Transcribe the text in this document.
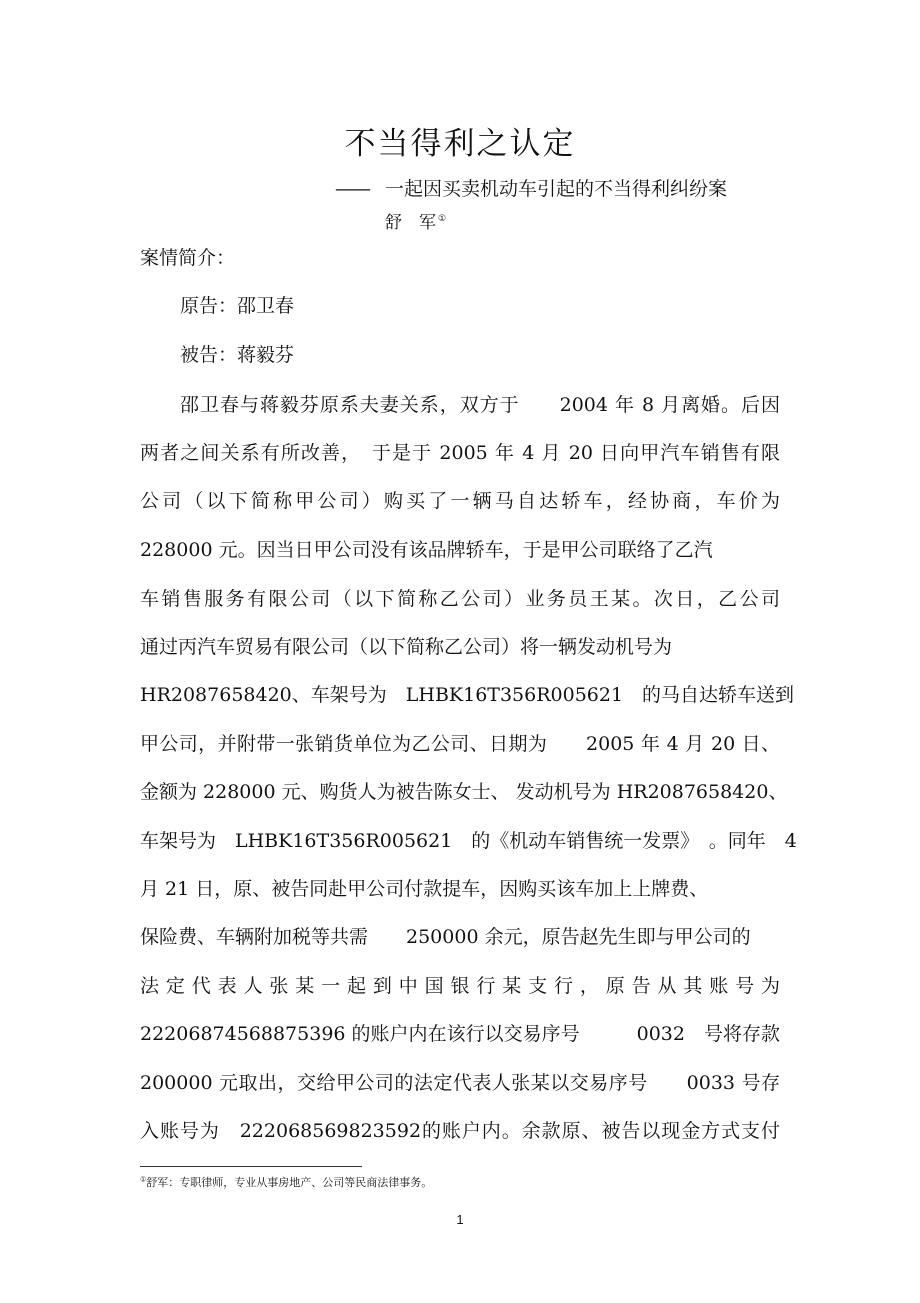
不当得利之认定
—— 一起因买卖机动车引起的不当得利纠纷案
舒　军 ①

案情简介：

原告：邵卫春

被告：蒋毅芬

邵卫春与蒋毅芬原系夫妻关系，双方于　　2004 年 8 月离婚。后因

两者之间关系有所改善，　于是于 2005 年 4 月 20 日向甲汽车销售有限

公司（以下简称甲公司）购买了一辆马自达轿车，经协商，车价为

228000 元。因当日甲公司没有该品牌轿车，于是甲公司联络了乙汽

车销售服务有限公司（以下简称乙公司）业务员王某。次日，乙公司

通过丙汽车贸易有限公司（以下简称乙公司）将一辆发动机号为

HR2087658420、车架号为　LHBK16T356R005621　的马自达轿车送到

甲公司，并附带一张销货单位为乙公司、日期为　　2005 年 4 月 20 日、

金额为 228000 元、购货人为被告陈女士、 发动机号为 HR2087658420、

车架号为　LHBK16T356R005621　的《机动车销售统一发票》　。同年　4

月 21 日，原、被告同赴甲公司付款提车，因购买该车加上上牌费、

保险费、车辆附加税等共需　　250000 余元，原告赵先生即与甲公司的

法定代表人张某一起到中国银行某支行，原告从其账号为

22206874568875396 的账户内在该行以交易序号　　　0032　号将存款

200000 元取出，交给甲公司的法定代表人张某以交易序号　　0033 号存

入账号为　222068569823592的账户内。余款原、被告以现金方式支付

①舒军：专职律师，专业从事房地产、公司等民商法律事务。
1
